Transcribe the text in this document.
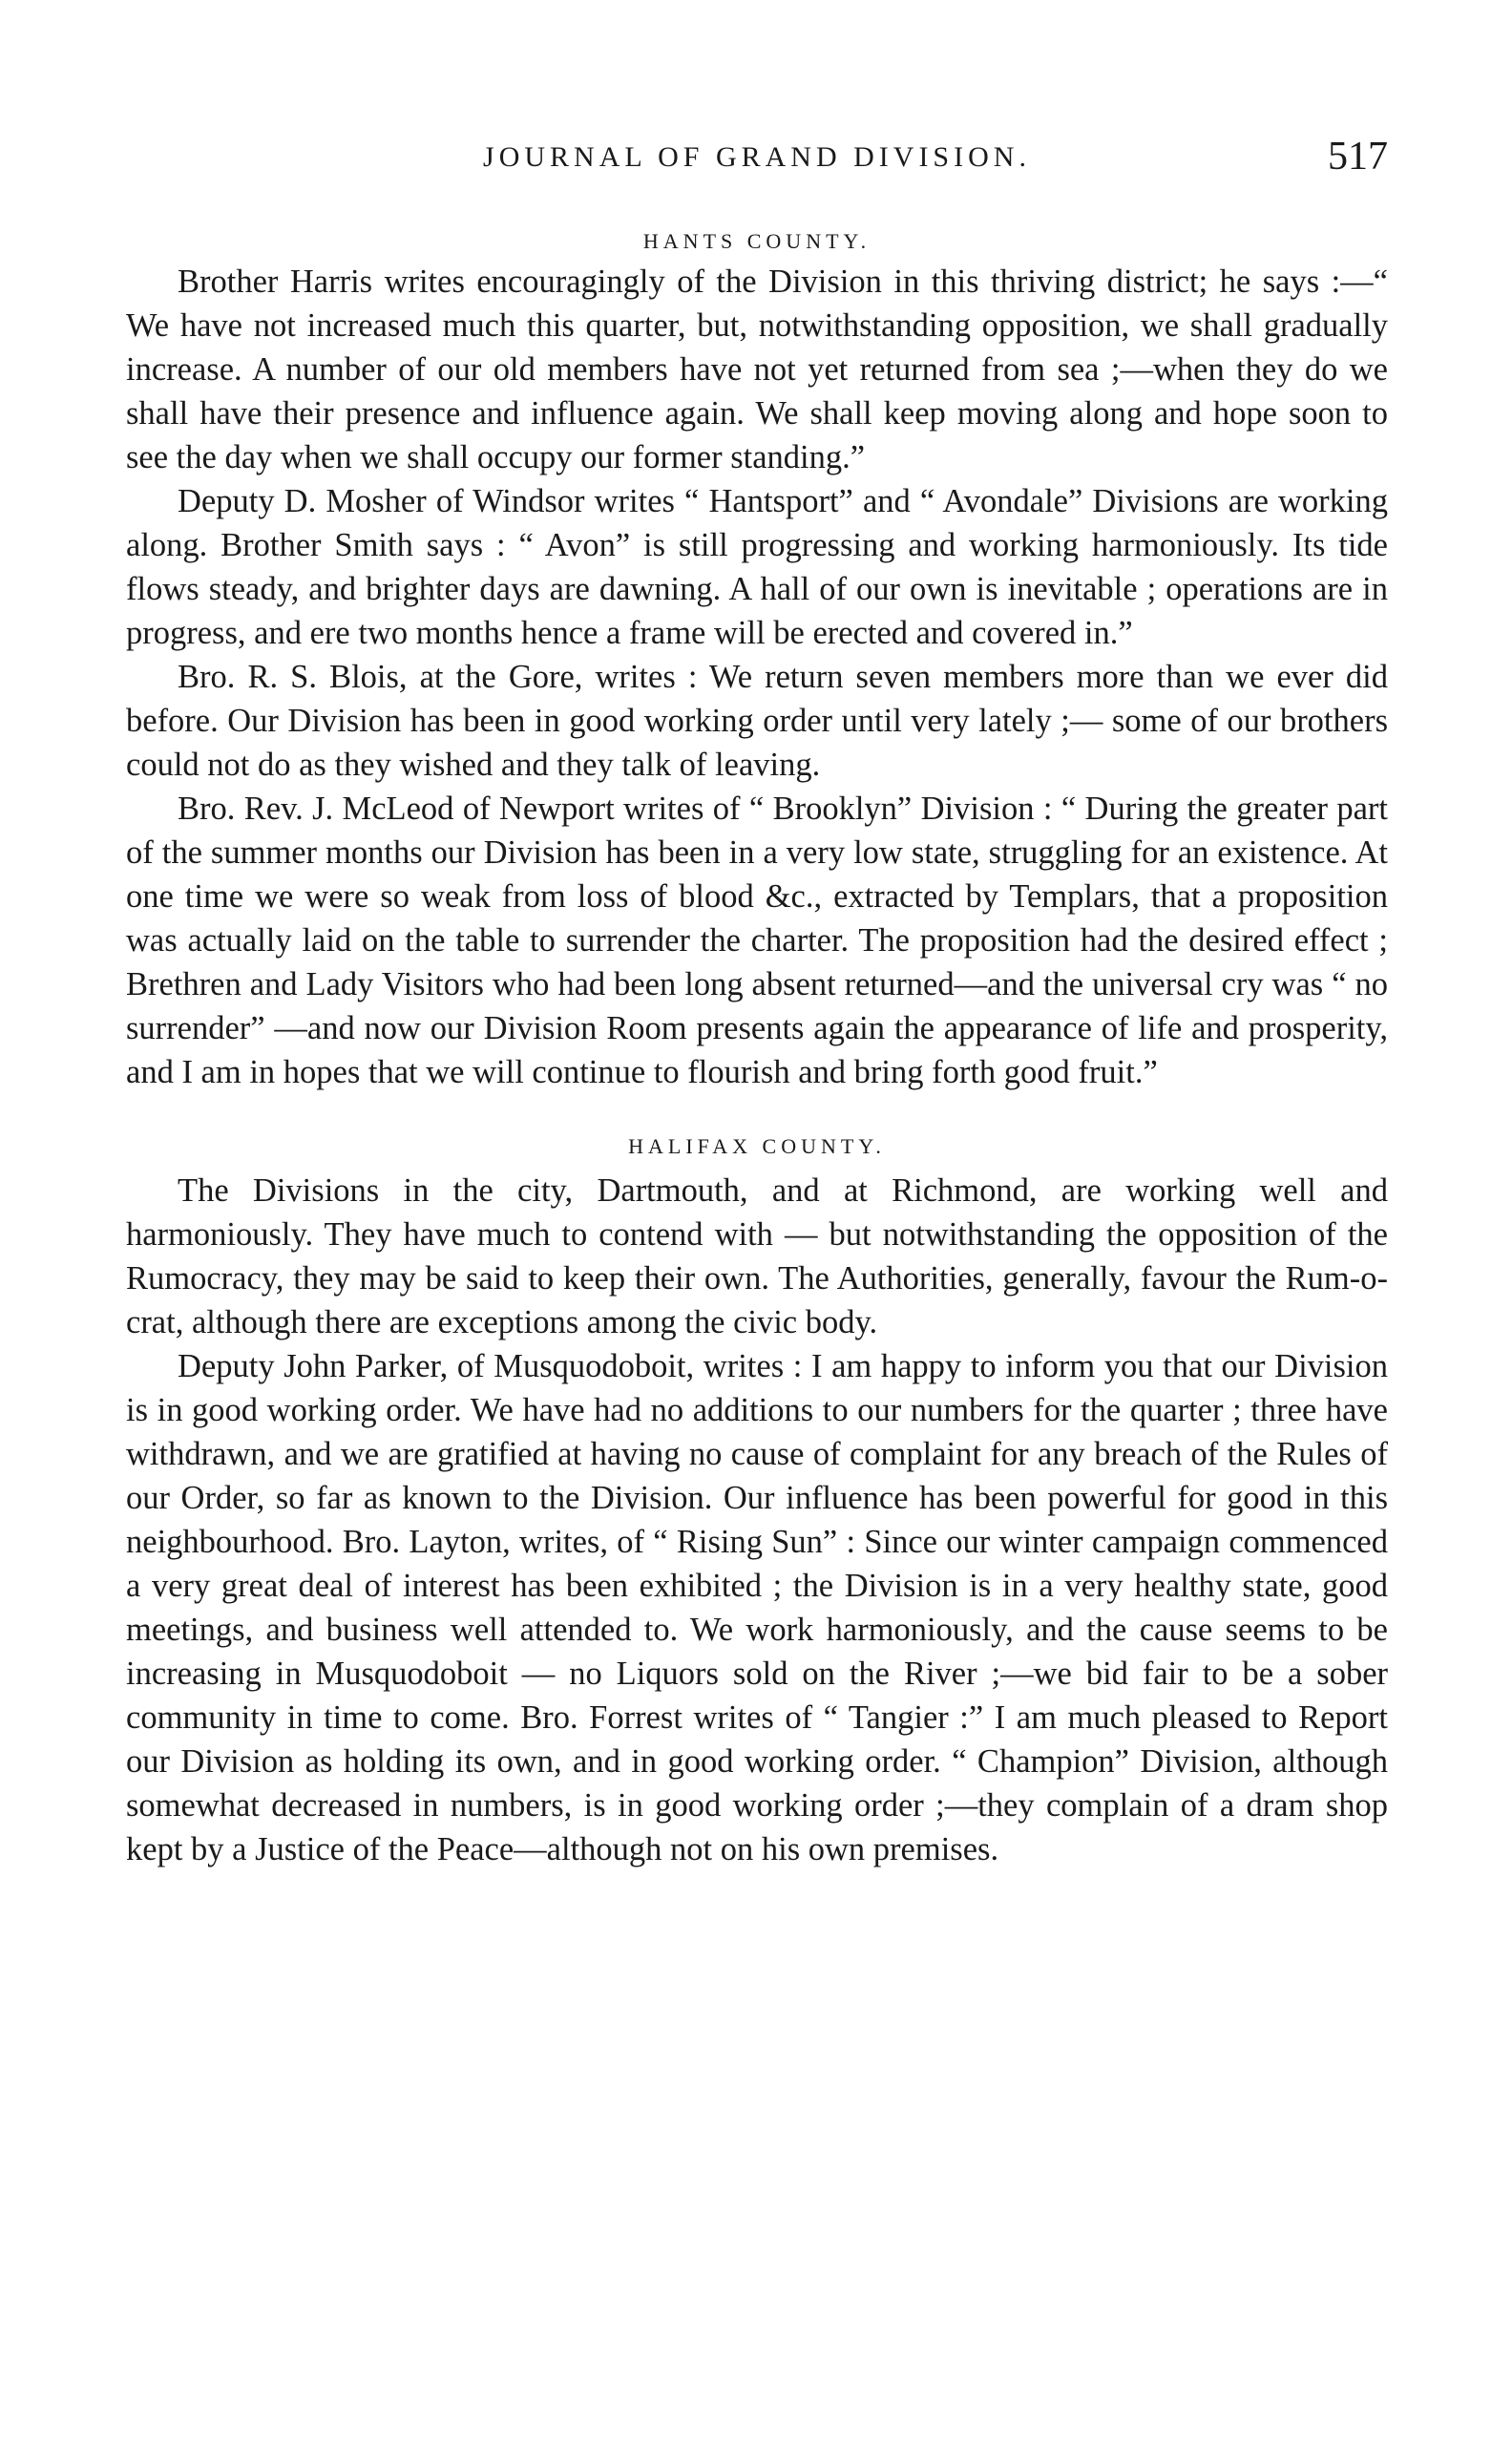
JOURNAL OF GRAND DIVISION.	517
HANTS COUNTY.

Brother Harris writes encouragingly of the Division in this thriving district; he says :—“ We have not increased much this quarter, but, notwithstanding opposition, we shall gradually increase. A number of our old members have not yet returned from sea ;—when they do we shall have their presence and influence again. We shall keep moving along and hope soon to see the day when we shall occupy our former standing.”

Deputy D. Mosher of Windsor writes “ Hantsport” and “ Avondale” Divisions are working along. Brother Smith says : “ Avon” is still progressing and working harmoniously. Its tide flows steady, and brighter days are dawning. A hall of our own is inevitable ; operations are in progress, and ere two months hence a frame will be erected and covered in.”

Bro. R. S. Blois, at the Gore, writes : We return seven members more than we ever did before. Our Division has been in good working order until very lately ;— some of our brothers could not do as they wished and they talk of leaving.

Bro. Rev. J. McLeod of Newport writes of “ Brooklyn” Division : “ During the greater part of the summer months our Division has been in a very low state, struggling for an existence. At one time we were so weak from loss of blood &c., extracted by Templars, that a proposition was actually laid on the table to surrender the charter. The proposition had the desired effect ; Brethren and Lady Visitors who had been long absent returned—and the universal cry was “ no surrender” —and now our Division Room presents again the appearance of life and prosperity, and I am in hopes that we will continue to flourish and bring forth good fruit.”

HALIFAX COUNTY.

The Divisions in the city, Dartmouth, and at Richmond, are working well and harmoniously. They have much to contend with — but notwithstanding the opposition of the Rumocracy, they may be said to keep their own. The Authorities, generally, favour the Rum-o-crat, although there are exceptions among the civic body.

Deputy John Parker, of Musquodoboit, writes : I am happy to inform you that our Division is in good working order. We have had no additions to our numbers for the quarter ; three have withdrawn, and we are gratified at having no cause of complaint for any breach of the Rules of our Order, so far as known to the Division. Our influence has been powerful for good in this neighbourhood. Bro. Layton, writes, of “ Rising Sun” : Since our winter campaign commenced a very great deal of interest has been exhibited ; the Division is in a very healthy state, good meetings, and business well attended to. We work harmoniously, and the cause seems to be increasing in Musquodoboit — no Liquors sold on the River ;—we bid fair to be a sober community in time to come. Bro. Forrest writes of “ Tangier :” I am much pleased to Report our Division as holding its own, and in good working order. “ Champion” Division, although somewhat decreased in numbers, is in good working order ;—they complain of a dram shop kept by a Justice of the Peace—although not on his own premises.
